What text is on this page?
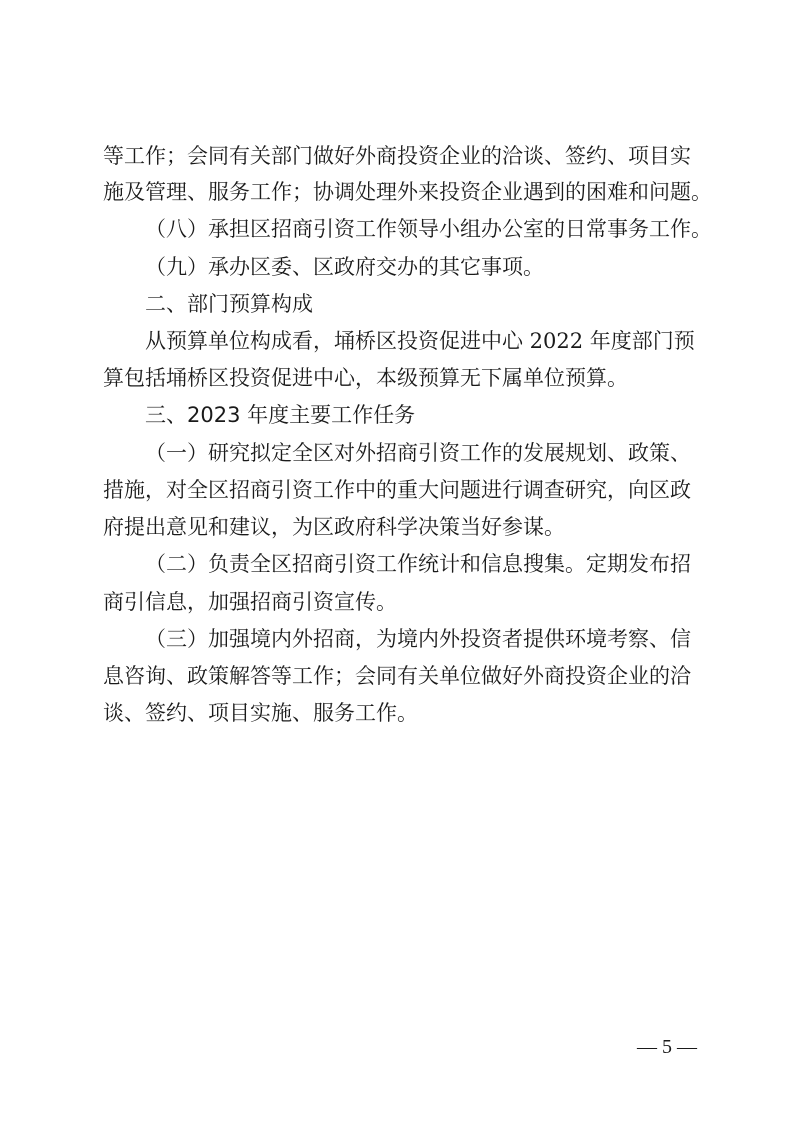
等工作；会同有关部门做好外商投资企业的洽谈、签约、项目实

施及管理、服务工作；协调处理外来投资企业遇到的困难和问题。

（八）承担区招商引资工作领导小组办公室的日常事务工作。

（九）承办区委、区政府交办的其它事项。

二、部门预算构成

从预算单位构成看，埇桥区投资促进中心 2022 年度部门预

算包括埇桥区投资促进中心，本级预算无下属单位预算。

三、2023 年度主要工作任务

（一）研究拟定全区对外招商引资工作的发展规划、政策、

措施，对全区招商引资工作中的重大问题进行调查研究，向区政

府提出意见和建议，为区政府科学决策当好参谋。

（二）负责全区招商引资工作统计和信息搜集。定期发布招

商引信息，加强招商引资宣传。

（三）加强境内外招商，为境内外投资者提供环境考察、信

息咨询、政策解答等工作；会同有关单位做好外商投资企业的洽

谈、签约、项目实施、服务工作。

— 5 —
